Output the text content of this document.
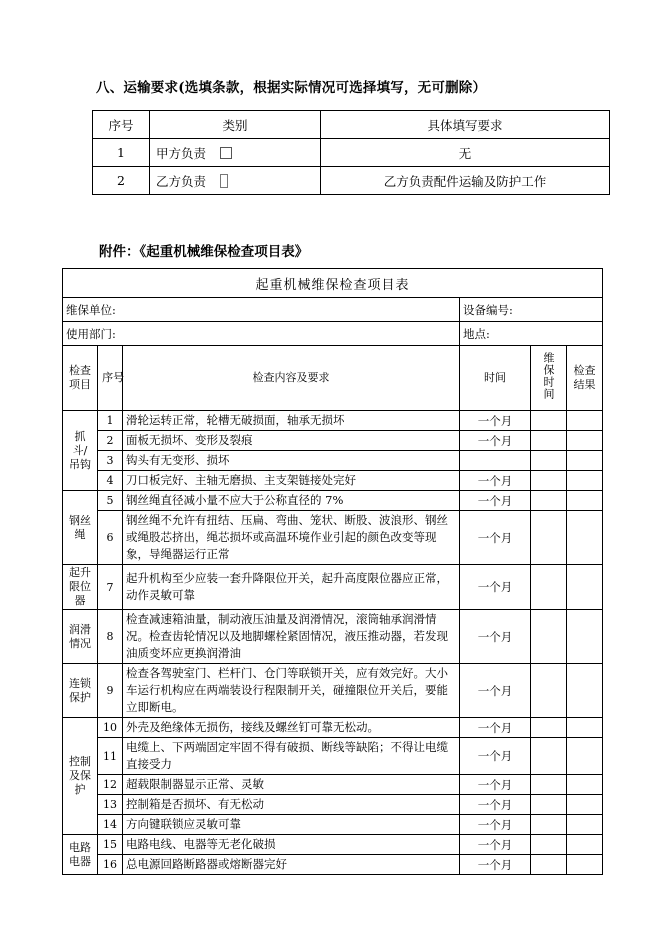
八、运输要求(选填条款，根据实际情况可选择填写，无可删除）
序号	类别	具体填写要求
1	甲方负责	无
2	乙方负责	乙方负责配件运输及防护工作
附件：《起重机械维保检查项目表》
起重机械维保检查项目表					
维保单位:			设备编号:		
使用部门:			地点:		
检查项目	序号	检查内容及要求	时间	维保时间	检查结果
抓斗/吊钩	1	滑轮运转正常，轮槽无破损面，轴承无损坏	一个月		
	2	面板无损坏、变形及裂痕	一个月		
	3	钩头有无变形、损坏			
	4	刀口板完好、主轴无磨损、主支架链接处完好	一个月		
钢丝绳	5	钢丝绳直径减小量不应大于公称直径的 7%	一个月		
	6	钢丝绳不允许有扭结、压扁、弯曲、笼状、断股、波浪形、钢丝或绳股芯挤出，绳芯损坏或高温环境作业引起的颜色改变等现象，导绳器运行正常	一个月		
起升限位器	7	起升机构至少应装一套升降限位开关，起升高度限位器应正常，动作灵敏可靠	一个月		
润滑情况	8	检查减速箱油量，制动液压油量及润滑情况，滚筒轴承润滑情况。检查齿轮情况以及地脚螺栓紧固情况，液压推动器，若发现油质变坏应更换润滑油	一个月		
连锁保护	9	检查各驾驶室门、栏杆门、仓门等联锁开关，应有效完好。大小车运行机构应在两端装设行程限制开关，碰撞限位开关后，要能立即断电。	一个月		
控制及保护	10	外壳及绝缘体无损伤，接线及螺丝钉可靠无松动。	一个月		
	11	电缆上、下两端固定牢固不得有破损、断线等缺陷；不得让电缆直接受力	一个月		
	12	超载限制器显示正常、灵敏	一个月		
	13	控制箱是否损坏、有无松动	一个月		
	14	方向键联锁应灵敏可靠	一个月		
电路电器	15	电路电线、电器等无老化破损	一个月		
	16	总电源回路断路器或熔断器完好	一个月		
